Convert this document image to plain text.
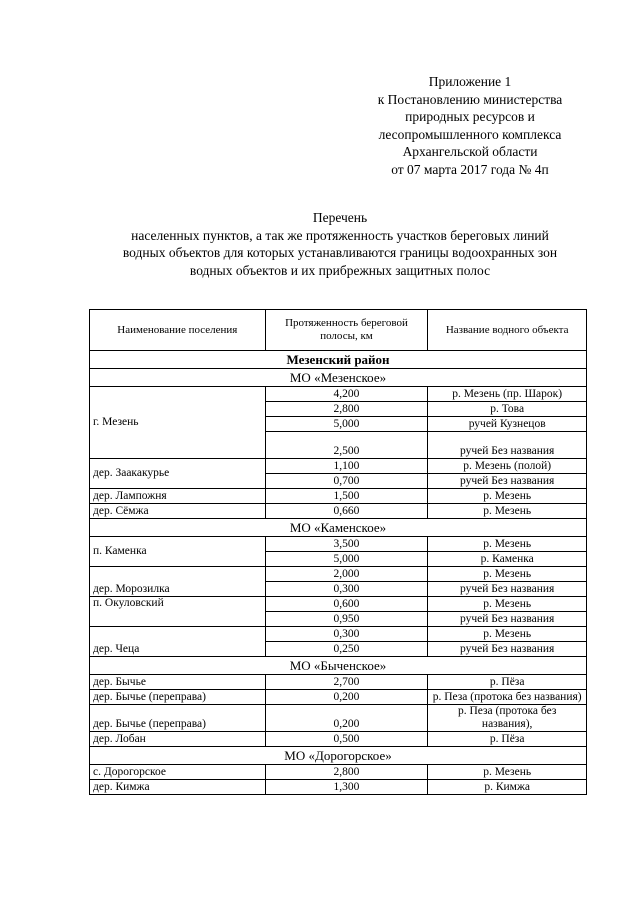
Приложение 1
к Постановлению министерства
природных ресурсов и
лесопромышленного комплекса
Архангельской области
от 07 марта 2017 года № 4п
Перечень
населенных пунктов, а так же протяженность участков береговых линий
водных объектов для которых устанавливаются границы водоохранных зон
водных объектов и их прибрежных защитных полос
Наименование поселения	Протяженность береговой полосы, км	Название водного объекта
Мезенский район		
МО «Мезенское»		
г. Мезень	4,200	р. Мезень (пр. Шарок)
	2,800	р. Това
	5,000	ручей Кузнецов
	2,500	ручей Без названия
дер. Заакакурье	1,100	р. Мезень (полой)
	0,700	ручей Без названия
дер. Лампожня	1,500	р. Мезень
дер. Сёмжа	0,660	р. Мезень
МО «Каменское»		
п. Каменка	3,500	р. Мезень
	5,000	р. Каменка
дер. Морозилка	2,000	р. Мезень
	0,300	ручей Без названия
п. Окуловский	0,600	р. Мезень
	0,950	ручей Без названия
дер. Чеца	0,300	р. Мезень
	0,250	ручей Без названия
МО «Быченское»		
дер. Бычье	2,700	р. Пёза
дер. Бычье (переправа)	0,200	р. Пеза (протока без названия)
дер. Бычье (переправа)	0,200	р. Пеза (протока без названия),
дер. Лобан	0,500	р. Пёза
МО «Дорогорское»		
с. Дорогорское	2,800	р. Мезень
дер. Кимжа	1,300	р. Кимжа
